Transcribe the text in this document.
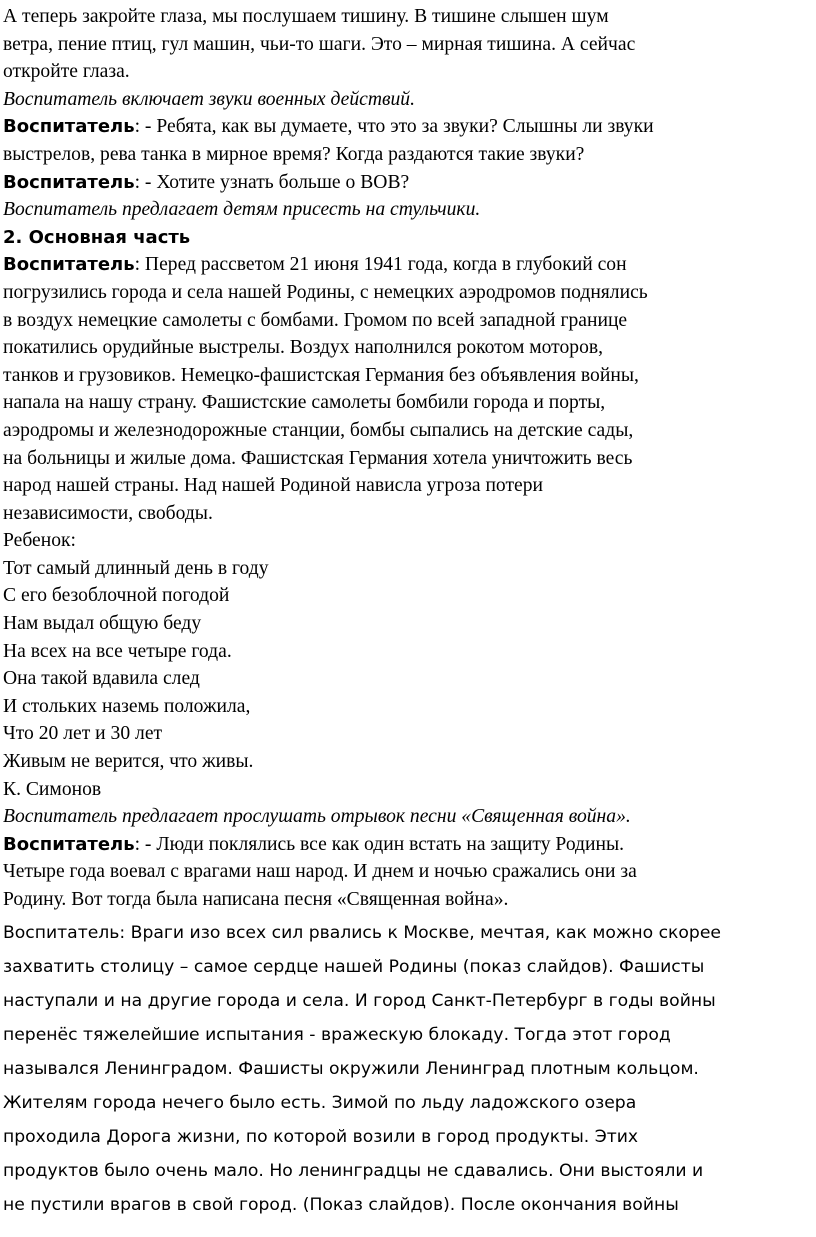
А теперь закройте глаза, мы послушаем тишину. В тишине слышен шум

ветра, пение птиц, гул машин, чьи-то шаги. Это – мирная тишина. А сейчас

откройте глаза.

Воспитатель включает звуки военных действий.

Воспитатель: - Ребята, как вы думаете, что это за звуки? Слышны ли звуки

выстрелов, рева танка в мирное время? Когда раздаются такие звуки?

Воспитатель: - Хотите узнать больше о ВОВ?

Воспитатель предлагает детям присесть на стульчики.

2. Основная часть

Воспитатель: Перед рассветом 21 июня 1941 года, когда в глубокий сон

погрузились города и села нашей Родины, с немецких аэродромов поднялись

в воздух немецкие самолеты с бомбами. Громом по всей западной границе

покатились орудийные выстрелы. Воздух наполнился рокотом моторов,

танков и грузовиков. Немецко-фашистская Германия без объявления войны,

напала на нашу страну. Фашистские самолеты бомбили города и порты,

аэродромы и железнодорожные станции, бомбы сыпались на детские сады,

на больницы и жилые дома. Фашистская Германия хотела уничтожить весь

народ нашей страны. Над нашей Родиной нависла угроза потери

независимости, свободы.

Ребенок:

Тот самый длинный день в году

С его безоблочной погодой

Нам выдал общую беду

На всех на все четыре года.

Она такой вдавила след

И стольких наземь положила,

Что 20 лет и 30 лет

Живым не верится, что живы.

К. Симонов

Воспитатель предлагает прослушать отрывок песни «Священная война».

Воспитатель: - Люди поклялись все как один встать на защиту Родины.

Четыре года воевал с врагами наш народ. И днем и ночью сражались они за

Родину. Вот тогда была написана песня «Священная война».

Воспитатель: Враги изо всех сил рвались к Москве, мечтая, как можно скорее

захватить столицу – самое сердце нашей Родины (показ слайдов). Фашисты

наступали и на другие города и села. И город Санкт-Петербург в годы войны

перенёс тяжелейшие испытания - вражескую блокаду. Тогда этот город

назывался Ленинградом. Фашисты окружили Ленинград плотным кольцом.

Жителям города нечего было есть. Зимой по льду ладожского озера

проходила Дорога жизни, по которой возили в город продукты. Этих

продуктов было очень мало. Но ленинградцы не сдавались. Они выстояли и

не пустили врагов в свой город. (Показ слайдов). После окончания войны
